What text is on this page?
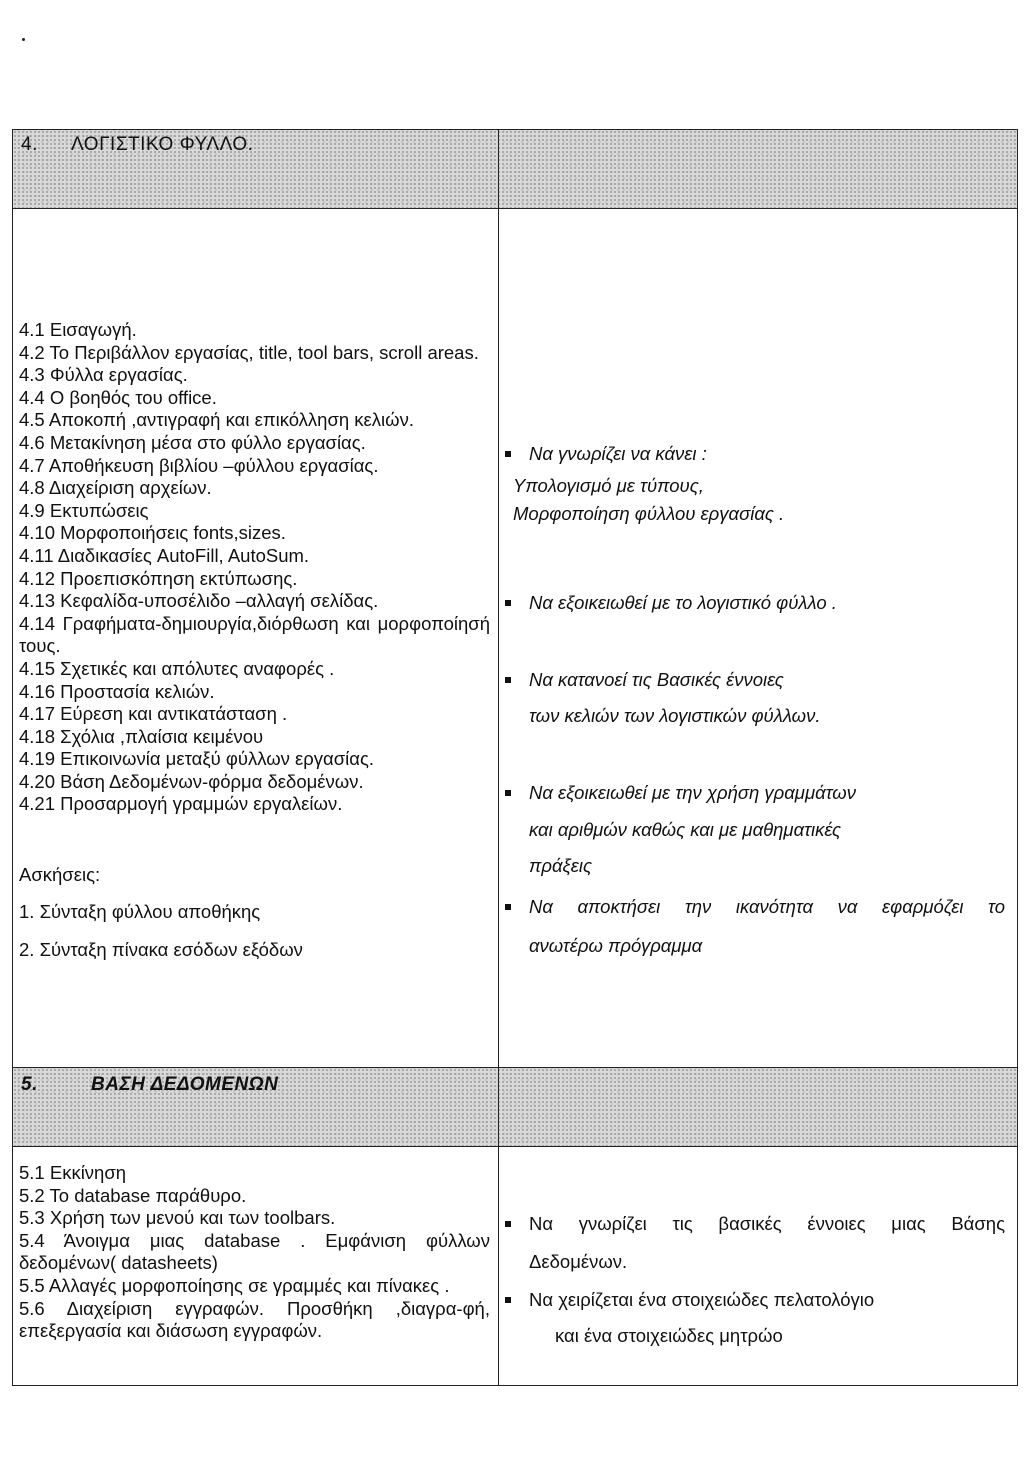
4. ΛΟΓΙΣΤΙΚΟ ΦΥΛΛΟ.
4.1 Εισαγωγή.
4.2 Το Περιβάλλον εργασίας, title, tool bars, scroll areas.
4.3 Φύλλα εργασίας.
4.4 Ο βοηθός του office.
4.5 Αποκοπή ,αντιγραφή και επικόλληση κελιών.
4.6 Μετακίνηση μέσα στο φύλλο εργασίας.
4.7 Αποθήκευση βιβλίου –φύλλου εργασίας.
4.8 Διαχείριση αρχείων.
4.9 Εκτυπώσεις
4.10 Μορφοποιήσεις fonts,sizes.
4.11 Διαδικασίες AutoFill, AutoSum.
4.12 Προεπισκόπηση εκτύπωσης.
4.13 Κεφαλίδα-υποσέλιδο –αλλαγή σελίδας.
4.14 Γραφήματα-δημιουργία,διόρθωση και μορφοποίησή τους.
4.15 Σχετικές και απόλυτες αναφορές .
4.16 Προστασία κελιών.
4.17 Εύρεση και αντικατάσταση .
4.18 Σχόλια ,πλαίσια κειμένου
4.19 Επικοινωνία μεταξύ φύλλων εργασίας.
4.20 Βάση Δεδομένων-φόρμα δεδομένων.
4.21 Προσαρμογή γραμμών εργαλείων.
Ασκήσεις:
1. Σύνταξη φύλλου αποθήκης
2. Σύνταξη πίνακα εσόδων εξόδων
Να γνωρίζει να κάνει :
Υπολογισμό με τύπους,
Μορφοποίηση φύλλου εργασίας .
Να εξοικειωθεί με το λογιστικό φύλλο .
Να κατανοεί τις Βασικές έννοιες
των κελιών των λογιστικών φύλλων.
Να εξοικειωθεί με την χρήση γραμμάτων
και αριθμών καθώς και με μαθηματικές
πράξεις
Να αποκτήσει την ικανότητα να εφαρμόζει το
ανωτέρω πρόγραμμα
5.	ΒΑΣΗ ΔΕΔΟΜΕΝΩΝ
5.1 Εκκίνηση
5.2 Το database παράθυρο.
5.3 Χρήση των μενού και των toolbars.
5.4 Άνοιγμα μιας database . Εμφάνιση φύλλων δεδομένων( datasheets)
5.5 Αλλαγές μορφοποίησης σε γραμμές και πίνακες .
5.6 Διαχείριση εγγραφών. Προσθήκη ,διαγρα-φή, επεξεργασία και διάσωση εγγραφών.
Να γνωρίζει τις βασικές έννοιες μιας Βάσης
Δεδομένων.
Να χειρίζεται ένα στοιχειώδες πελατολόγιο
και ένα στοιχειώδες μητρώο
